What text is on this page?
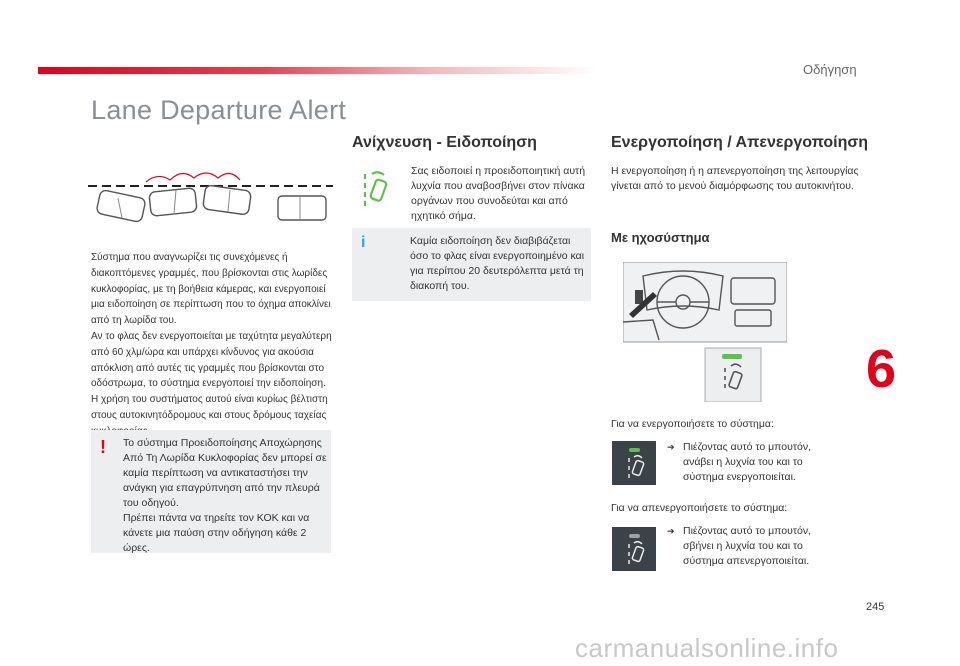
Οδήγηση
Lane Departure Alert

Σύστημα που αναγνωρίζει τις συνεχόμενες ή διακοπτόμενες γραμμές, που βρίσκονται στις λωρίδες κυκλοφορίας, με τη βοήθεια κάμερας, και ενεργοποιεί μια ειδοποίηση σε περίπτωση που το όχημα αποκλίνει από τη λωρίδα του.

Αν το φλας δεν ενεργοποιείται με ταχύτητα μεγαλύτερη από 60 χλμ/ώρα και υπάρχει κίνδυνος για ακούσια απόκλιση από αυτές τις γραμμές που βρίσκονται στο οδόστρωμα, το σύστημα ενεργοποιεί την ειδοποίηση.

Η χρήση του συστήματος αυτού είναι κυρίως βέλτιστη στους αυτοκινητόδρομους και στους δρόμους ταχείας

! Το σύστημα Προειδοποίησης Αποχώρησης Από Τη Λωρίδα Κυκλοφορίας δεν μπορεί σε καμία περίπτωση να αντικαταστήσει την ανάγκη για επαγρύπνηση από την πλευρά του οδηγού.

Πρέπει πάντα να τηρείτε τον ΚΟΚ και να κάνετε μια παύση στην οδήγηση κάθε 2 ώρες.

Ανίχνευση - Ειδοποίηση

Σας ειδοποιεί η προειδοποιητική αυτή λυχνία που αναβοσβήνει στον πίνακα οργάνων που συνοδεύται και από ηχητικό σήμα.

i	Καμία ειδοποίηση δεν διαβιβάζεται όσο το φλας είναι ενεργοποιημένο και για περίπου 20 δευτερόλεπτα μετά τη διακοπή του.

Ενεργοποίηση / Απενεργοποίηση

Η ενεργοποίηση ή η απενεργοποίηση της λειτουργίας γίνεται από το μενού διαμόρφωσης του αυτοκινήτου.

Με ηχοσύστημα

Για να ενεργοποιήσετε το σύστημα:

➔ Πιέζοντας αυτό το μπουτόν, ανάβει η λυχνία του και το σύστημα ενεργοποιείται.

Για να απενεργοποιήσετε το σύστημα:

➔ Πιέζοντας αυτό το μπουτόν, σβήνει η λυχνία του και το σύστημα απενεργοποιείται.
6
245
carmanualsonline.info
